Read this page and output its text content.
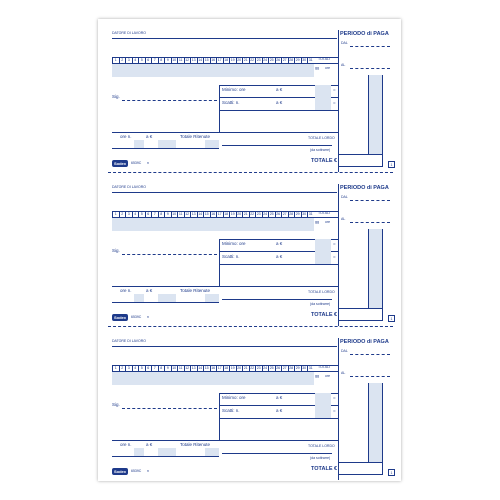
DATORE DI LAVORO	PERIODO di PAGA
DAL
AL
1	2	3	4	5	6	7	8	9 10 11 12 13 14 15 16 17 18 19 20 21 22 23 24 25 26 27 28 29 30 31	TOTALI
gg ore
Sig.
Minimo: ore	a €	=
Scatti: n.	a €	=
ore n.	a €	Totale Ritenute	TOTALE LORDO
(da sottrarre)
Sodex	6539C n	TOTALE €
1
DATORE DI LAVORO	PERIODO di PAGA
DAL
AL
1	2	3	4	5	6	7	8	9 10 11 12 13 14 15 16 17 18 19 20 21 22 23 24 25 26 27 28 29 30 31	TOTALI
gg ore
Sig.
Minimo: ore	a €	=
Scatti: n.	a €	=
ore n.	a €	Totale Ritenute	TOTALE LORDO
(da sottrarre)
Sodex	6539C n	TOTALE €
1
DATORE DI LAVORO	PERIODO di PAGA
DAL
AL
1	2	3	4	5	6	7	8	9 10 11 12 13 14 15 16 17 18 19 20 21 22 23 24 25 26 27 28 29 30 31	TOTALI
gg ore
Sig.
Minimo: ore	a €	=
Scatti: n.	a €	=
ore n.	a €	Totale Ritenute	TOTALE LORDO
(da sottrarre)
Sodex	6539C n	TOTALE €
1
